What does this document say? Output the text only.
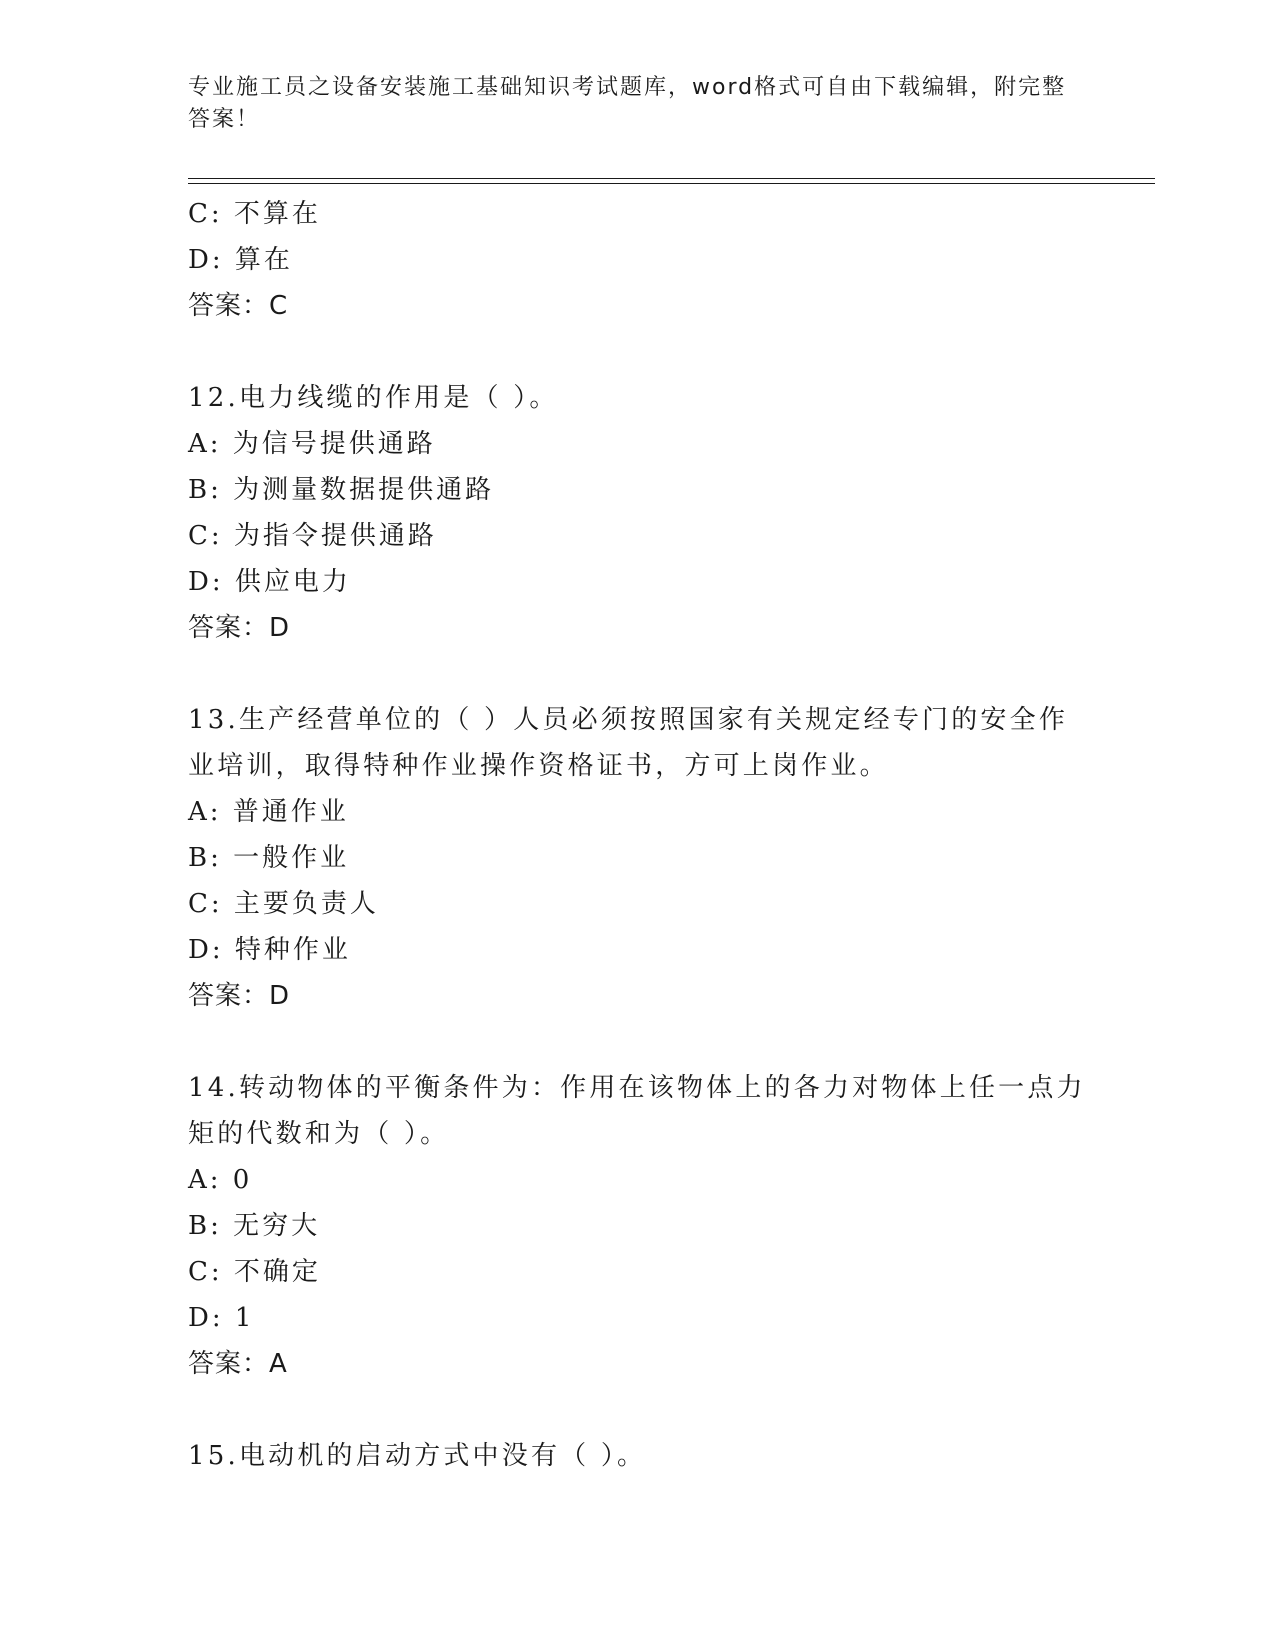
专业施工员之设备安装施工基础知识考试题库，word格式可自由下载编辑，附完整答案！
C: 不算在
D: 算在
答案：C
12.电力线缆的作用是（ ）。
A: 为信号提供通路
B: 为测量数据提供通路
C: 为指令提供通路
D: 供应电力
答案：D
13.生产经营单位的（ ）人员必须按照国家有关规定经专门的安全作业培训，取得特种作业操作资格证书，方可上岗作业。
A: 普通作业
B: 一般作业
C: 主要负责人
D: 特种作业
答案：D
14.转动物体的平衡条件为：作用在该物体上的各力对物体上任一点力矩的代数和为（ ）。
A: 0
B: 无穷大
C: 不确定
D: 1
答案：A
15.电动机的启动方式中没有（ ）。
